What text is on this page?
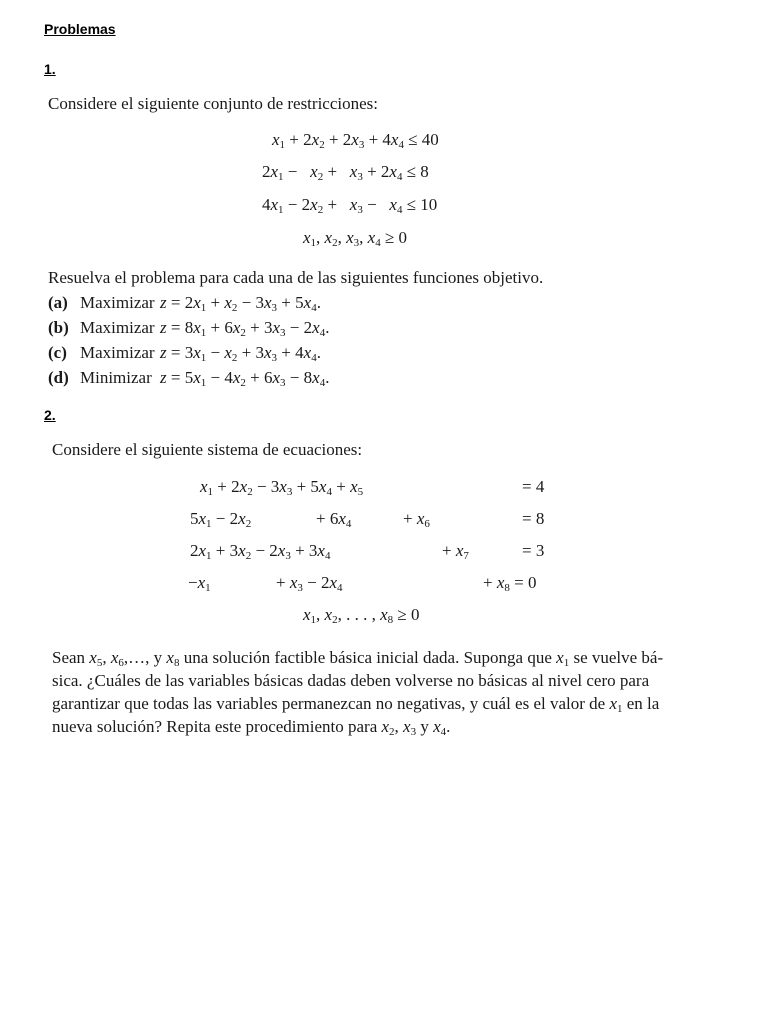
Problemas
1.
Considere el siguiente conjunto de restricciones:
$x_1 + 2x_2 + 2x_3 + 4x_4 \le 40$
$2x_1 - x_2 + x_3 + 2x_4 \le 8$
$4x_1 - 2x_2 + x_3 - x_4 \le 10$
$x_1$, $x_2$, $x_3$, $x_4 \ge 0$
Resuelva el problema para cada una de las siguientes funciones objetivo.
(a) Maximizar $z = 2x_1 + x_2 - 3x_3 + 5x_4$.
(b) Maximizar $z = 8x_1 + 6x_2 + 3x_3 - 2x_4$.
(c) Maximizar $z = 3x_1 - x_2 + 3x_3 + 4x_4$.
(d) Minimizar $z = 5x_1 - 4x_2 + 6x_3 - 8x_4$.
2.
Considere el siguiente sistema de ecuaciones:
$x_1 + 2x_2 - 3x_3 + 5x_4 + x_5$	= 4
$5x_1 - 2x_2$	+ $6x_4$	+ $x_6$	= 8
$2x_1 + 3x_2 - 2x_3 + 3x_4$	+ $x_7$	= 3
$-x_1$	+ $x_3 - 2x_4$	+ $x_8 = 0$
$x_1$, $x_2$, . . . , $x_8 \ge 0$
Sean $x_5$, $x_6,\dots$, y $x_8$ una solución factible básica inicial dada. Suponga que $x_1$ se vuelve bá-
sica. ¿Cuáles de las variables básicas dadas deben volverse no básicas al nivel cero para
garantizar que todas las variables permanezcan no negativas, y cuál es el valor de $x_1$ en la
nueva solución? Repita este procedimiento para $x_2$, $x_3$ y $x_4$.
